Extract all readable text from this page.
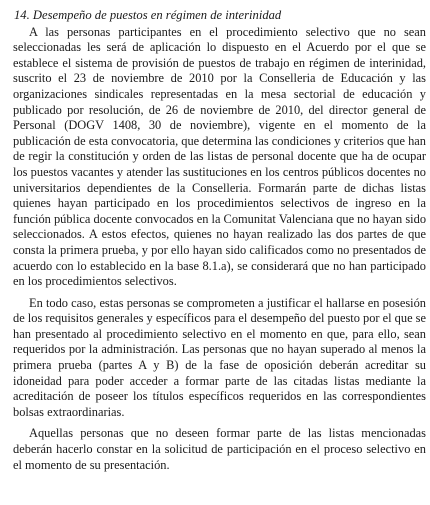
14. Desempeño de puestos en régimen de interinidad

A las personas participantes en el procedimiento selectivo que no sean seleccionadas les será de aplicación lo dispuesto en el Acuerdo por el que se establece el sistema de provisión de puestos de trabajo en régimen de interinidad, suscrito el 23 de noviembre de 2010 por la Conselleria de Educación y las organizaciones sindicales representadas en la mesa sectorial de educación y publicado por resolución, de 26 de noviembre de 2010, del director general de Personal (DOGV 1408, 30 de noviembre), vigente en el momento de la publicación de esta convocatoria, que determina las condiciones y criterios que han de regir la constitución y orden de las listas de personal docente que ha de ocupar los puestos vacantes y atender las sustituciones en los centros públicos docentes no universitarios dependientes de la Conselleria. Formarán parte de dichas listas quienes hayan participado en los procedimientos selectivos de ingreso en la función pública docente convocados en la Comunitat Valenciana que no hayan sido seleccionados. A estos efectos, quienes no hayan realizado las dos partes de que consta la primera prueba, y por ello hayan sido calificados como no presentados de acuerdo con lo establecido en la base 8.1.a), se considerará que no han participado en los procedimientos selectivos.

En todo caso, estas personas se comprometen a justificar el hallarse en posesión de los requisitos generales y específicos para el desempeño del puesto por el que se han presentado al procedimiento selectivo en el momento en que, para ello, sean requeridos por la administración. Las personas que no hayan superado al menos la primera prueba (partes A y B) de la fase de oposición deberán acreditar su idoneidad para poder acceder a formar parte de las citadas listas mediante la acreditación de poseer los títulos específicos requeridos en las correspondientes bolsas extraordinarias.

Aquellas personas que no deseen formar parte de las listas mencionadas deberán hacerlo constar en la solicitud de participación en el proceso selectivo en el momento de su presentación.
